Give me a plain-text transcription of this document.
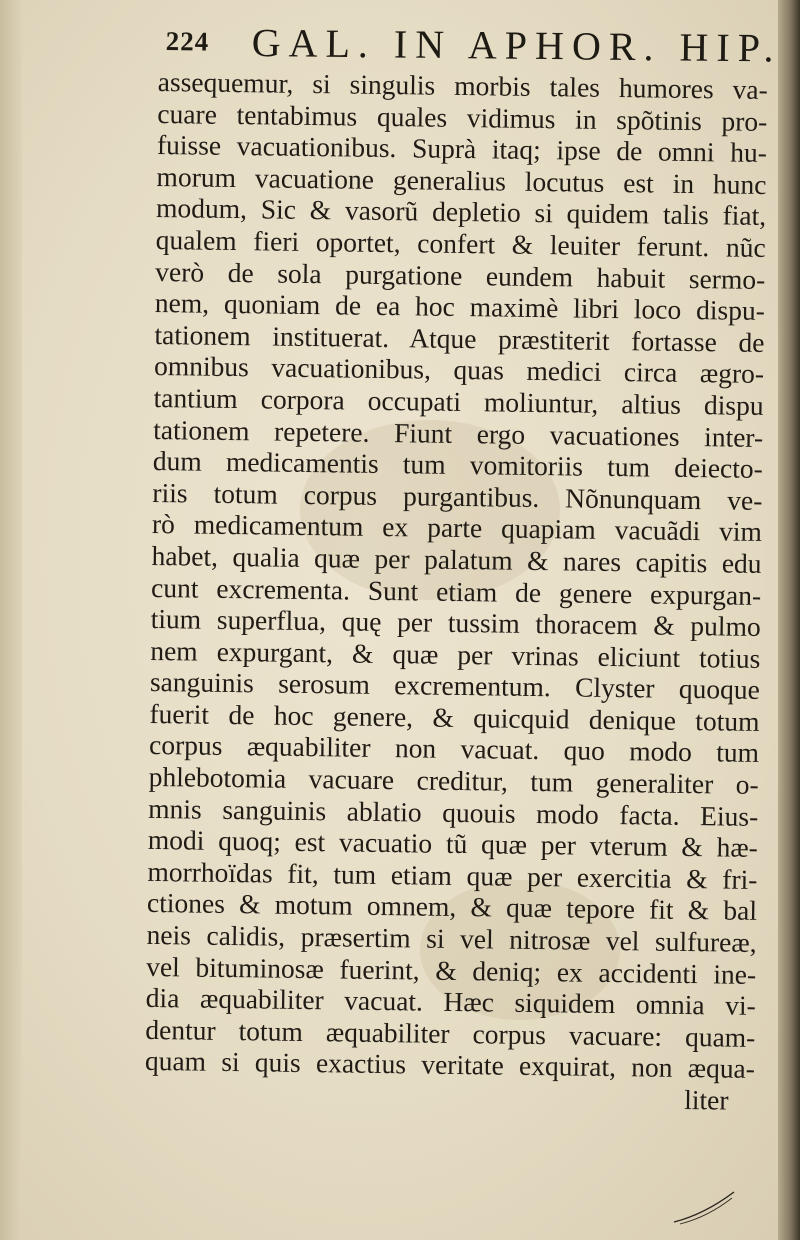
224 GAL. IN APHOR. HIP.
assequemur, si singulis morbis tales humores va-
cuare tentabimus quales vidimus in spõtinis pro-
fuisse vacuationibus. Suprà itaq; ipse de omni hu-
morum vacuatione generalius locutus est in hunc
modum, Sic & vasorũ depletio si quidem talis fiat,
qualem fieri oportet, confert & leuiter ferunt. nũc
verò de sola purgatione eundem habuit sermo-
nem, quoniam de ea hoc maximè libri loco dispu-
tationem instituerat. Atque præstiterit fortasse de
omnibus vacuationibus, quas medici circa ægro-
tantium corpora occupati moliuntur, altius dispu
tationem repetere. Fiunt ergo vacuationes inter-
dum medicamentis tum vomitoriis tum deiecto-
riis totum corpus purgantibus. Nõnunquam ve-
rò medicamentum ex parte quapiam vacuãdi vim
habet, qualia quæ per palatum & nares capitis edu
cunt excrementa. Sunt etiam de genere expurgan-
tium superflua, quę per tussim thoracem & pulmo
nem expurgant, & quæ per vrinas eliciunt totius
sanguinis serosum excrementum. Clyster quoque
fuerit de hoc genere, & quicquid denique totum
corpus æquabiliter non vacuat. quo modo tum
phlebotomia vacuare creditur, tum generaliter o-
mnis sanguinis ablatio quouis modo facta. Eius-
modi quoq; est vacuatio tũ quæ per vterum & hæ-
morrhoïdas fit, tum etiam quæ per exercitia & fri-
ctiones & motum omnem, & quæ tepore fit & bal
neis calidis, præsertim si vel nitrosæ vel sulfureæ,
vel bituminosæ fuerint, & deniq; ex accidenti ine-
dia æquabiliter vacuat. Hæc siquidem omnia vi-
dentur totum æquabiliter corpus vacuare: quam-
quam si quis exactius veritate exquirat, non æqua-
liter
